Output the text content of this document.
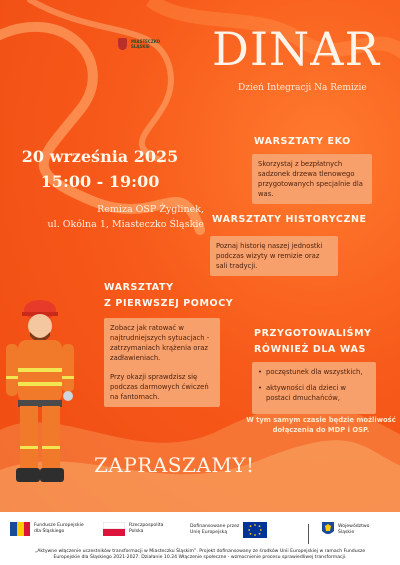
MIASTECZKO
ŚLĄSKIE DINAR
Dzień Integracji Na Remizie
20 września 2025
15:00 - 19:00
Remiza OSP Żyglinek,
ul. Okólna 1, Miasteczko Śląskie
WARSZTATY EKO

Skorzystaj z bezpłatnych sadzonek drzewa tlenowego przygotowanych specjalnie dla was.

WARSZTATY HISTORYCZNE

Poznaj historię naszej jednostki podczas wizyty w remizie oraz sali tradycji.

WARSZTATY
Z PIERWSZEJ POMOCY

Zobacz jak ratować w najtrudniejszych sytuacjach - zatrzymaniach krążenia oraz zadławieniach.

Przy okazji sprawdzisz się podczas darmowych ćwiczeń na fantomach.

PRZYGOTOWALIŚMY
RÓWNIEŻ DLA WAS
• poczęstunek dla wszystkich,
• aktywności dla dzieci w postaci dmuchańców,
W tym samym czasie będzie możliwość dołączenia do MDP i OSP.
ZAPRASZAMY!
Fundusze Europejskie
dla Śląskiego
Rzeczpospolita
Polska
Dofinansowane przez
Unię Europejską
Województwo
Śląskie
„Aktywne włączenie uczestników transformacji w Miasteczku Śląskim”. Projekt dofinansowany ze środków Unii Europejskiej w ramach Fundusze
Europejskie dla Śląskiego 2021-2027. Działanie 10.24 Włączenie społeczne - wzmocnienie procesu sprawiedliwej transformacji.
